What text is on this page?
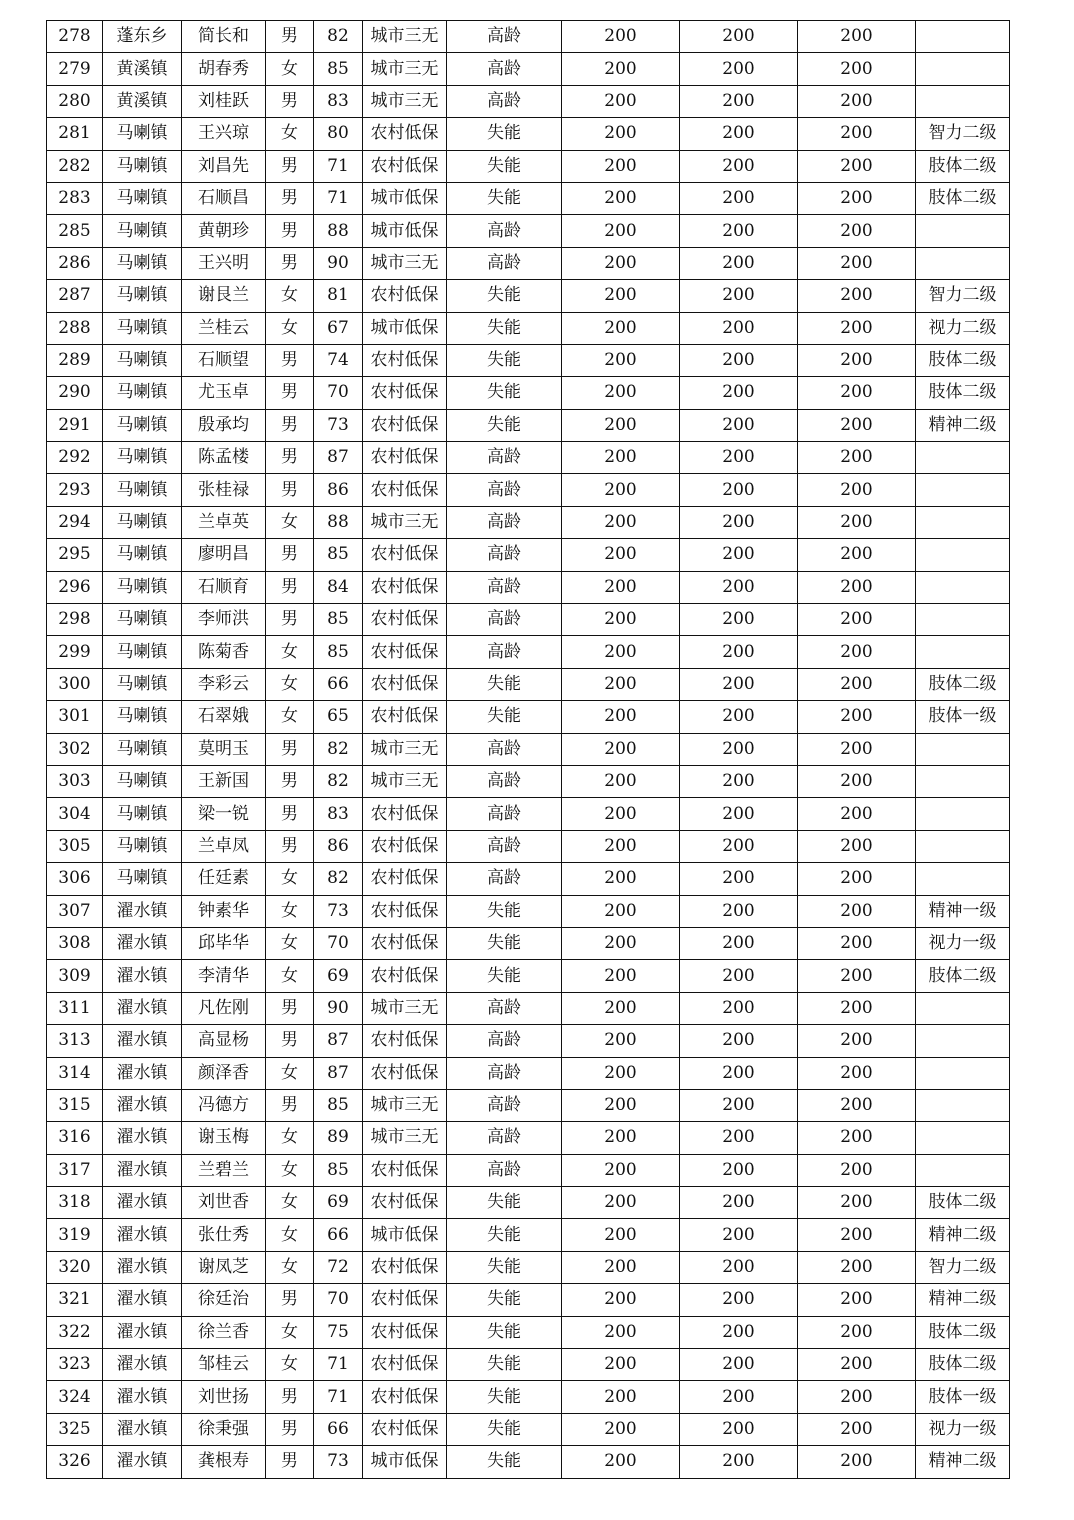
278	蓬东乡	简长和	男	82	城市三无	高龄	200	200	200	
279	黄溪镇	胡春秀	女	85	城市三无	高龄	200	200	200	
280	黄溪镇	刘桂跃	男	83	城市三无	高龄	200	200	200	
281	马喇镇	王兴琼	女	80	农村低保	失能	200	200	200	智力二级
282	马喇镇	刘昌先	男	71	农村低保	失能	200	200	200	肢体二级
283	马喇镇	石顺昌	男	71	城市低保	失能	200	200	200	肢体二级
285	马喇镇	黄朝珍	男	88	城市低保	高龄	200	200	200	
286	马喇镇	王兴明	男	90	城市三无	高龄	200	200	200	
287	马喇镇	谢艮兰	女	81	农村低保	失能	200	200	200	智力二级
288	马喇镇	兰桂云	女	67	城市低保	失能	200	200	200	视力二级
289	马喇镇	石顺望	男	74	农村低保	失能	200	200	200	肢体二级
290	马喇镇	尤玉卓	男	70	农村低保	失能	200	200	200	肢体二级
291	马喇镇	殷承均	男	73	农村低保	失能	200	200	200	精神二级
292	马喇镇	陈孟楼	男	87	农村低保	高龄	200	200	200	
293	马喇镇	张桂禄	男	86	农村低保	高龄	200	200	200	
294	马喇镇	兰卓英	女	88	城市三无	高龄	200	200	200	
295	马喇镇	廖明昌	男	85	农村低保	高龄	200	200	200	
296	马喇镇	石顺育	男	84	农村低保	高龄	200	200	200	
298	马喇镇	李师洪	男	85	农村低保	高龄	200	200	200	
299	马喇镇	陈菊香	女	85	农村低保	高龄	200	200	200	
300	马喇镇	李彩云	女	66	农村低保	失能	200	200	200	肢体二级
301	马喇镇	石翠娥	女	65	农村低保	失能	200	200	200	肢体一级
302	马喇镇	莫明玉	男	82	城市三无	高龄	200	200	200	
303	马喇镇	王新国	男	82	城市三无	高龄	200	200	200	
304	马喇镇	梁一锐	男	83	农村低保	高龄	200	200	200	
305	马喇镇	兰卓凤	男	86	农村低保	高龄	200	200	200	
306	马喇镇	任廷素	女	82	农村低保	高龄	200	200	200	
307	濯水镇	钟素华	女	73	农村低保	失能	200	200	200	精神一级
308	濯水镇	邱毕华	女	70	农村低保	失能	200	200	200	视力一级
309	濯水镇	李清华	女	69	农村低保	失能	200	200	200	肢体二级
311	濯水镇	凡佐刚	男	90	城市三无	高龄	200	200	200	
313	濯水镇	高显杨	男	87	农村低保	高龄	200	200	200	
314	濯水镇	颜泽香	女	87	农村低保	高龄	200	200	200	
315	濯水镇	冯德方	男	85	城市三无	高龄	200	200	200	
316	濯水镇	谢玉梅	女	89	城市三无	高龄	200	200	200	
317	濯水镇	兰碧兰	女	85	农村低保	高龄	200	200	200	
318	濯水镇	刘世香	女	69	农村低保	失能	200	200	200	肢体二级
319	濯水镇	张仕秀	女	66	城市低保	失能	200	200	200	精神二级
320	濯水镇	谢凤芝	女	72	农村低保	失能	200	200	200	智力二级
321	濯水镇	徐廷治	男	70	农村低保	失能	200	200	200	精神二级
322	濯水镇	徐兰香	女	75	农村低保	失能	200	200	200	肢体二级
323	濯水镇	邹桂云	女	71	农村低保	失能	200	200	200	肢体二级
324	濯水镇	刘世扬	男	71	农村低保	失能	200	200	200	肢体一级
325	濯水镇	徐秉强	男	66	农村低保	失能	200	200	200	视力一级
326	濯水镇	龚根寿	男	73	城市低保	失能	200	200	200	精神二级
